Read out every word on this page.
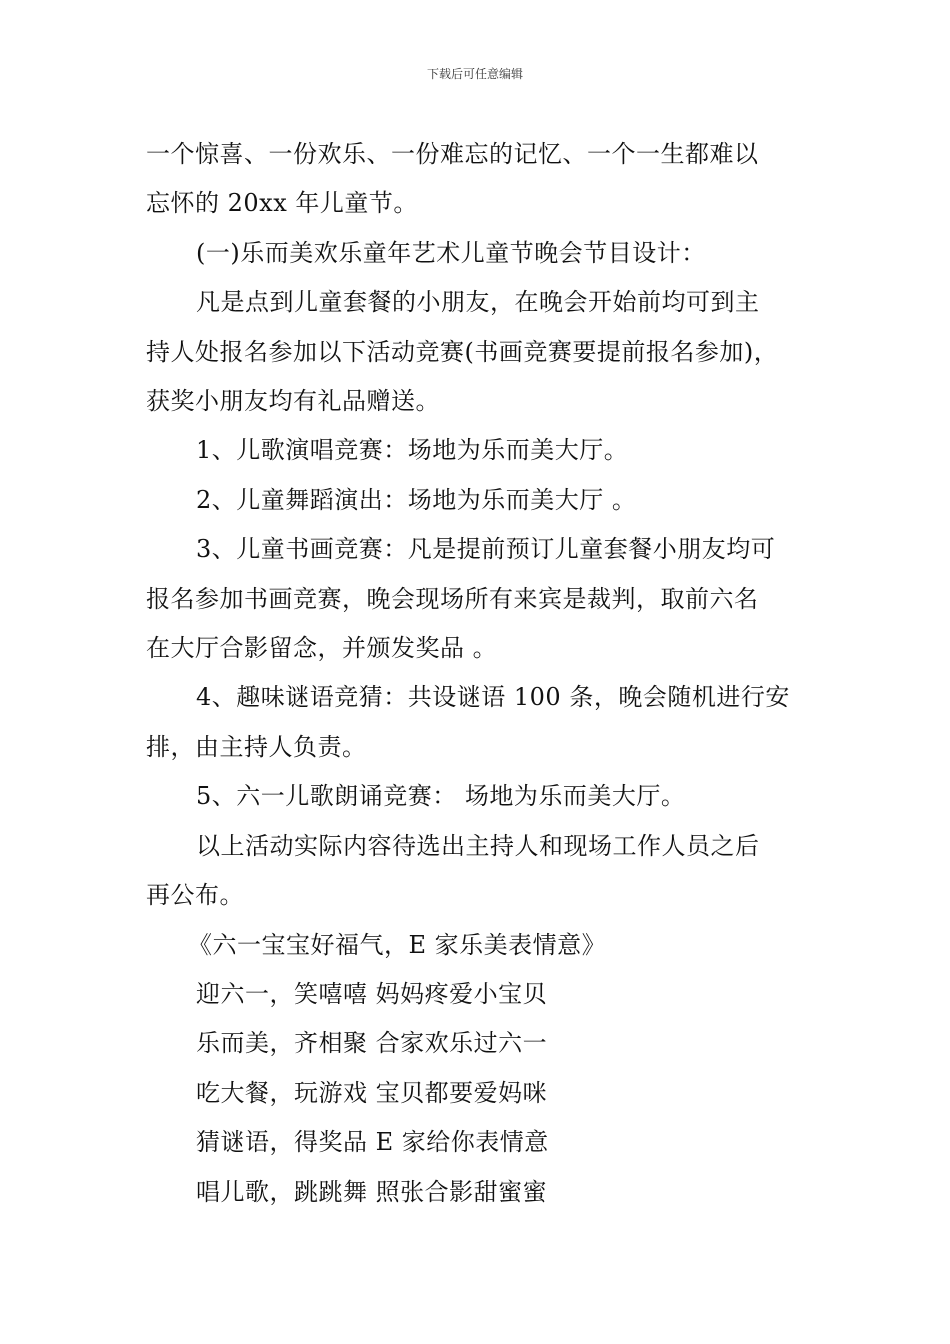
下载后可任意编辑

一个惊喜、一份欢乐、一份难忘的记忆、一个一生都难以

忘怀的 20xx 年儿童节。

(一)乐而美欢乐童年艺术儿童节晚会节目设计：

凡是点到儿童套餐的小朋友，在晚会开始前均可到主

持人处报名参加以下活动竞赛(书画竞赛要提前报名参加)，

获奖小朋友均有礼品赠送。

1、儿歌演唱竞赛：场地为乐而美大厅。

2、儿童舞蹈演出：场地为乐而美大厅 。

3、儿童书画竞赛：凡是提前预订儿童套餐小朋友均可

报名参加书画竞赛，晚会现场所有来宾是裁判，取前六名

在大厅合影留念，并颁发奖品 。

4、趣味谜语竞猜：共设谜语 100 条，晚会随机进行安

排，由主持人负责。

5、六一儿歌朗诵竞赛： 场地为乐而美大厅。

以上活动实际内容待选出主持人和现场工作人员之后

再公布。

《六一宝宝好福气，E 家乐美表情意》

迎六一，笑嘻嘻 妈妈疼爱小宝贝

乐而美，齐相聚 合家欢乐过六一

吃大餐，玩游戏 宝贝都要爱妈咪

猜谜语，得奖品 E 家给你表情意

唱儿歌，跳跳舞 照张合影甜蜜蜜
